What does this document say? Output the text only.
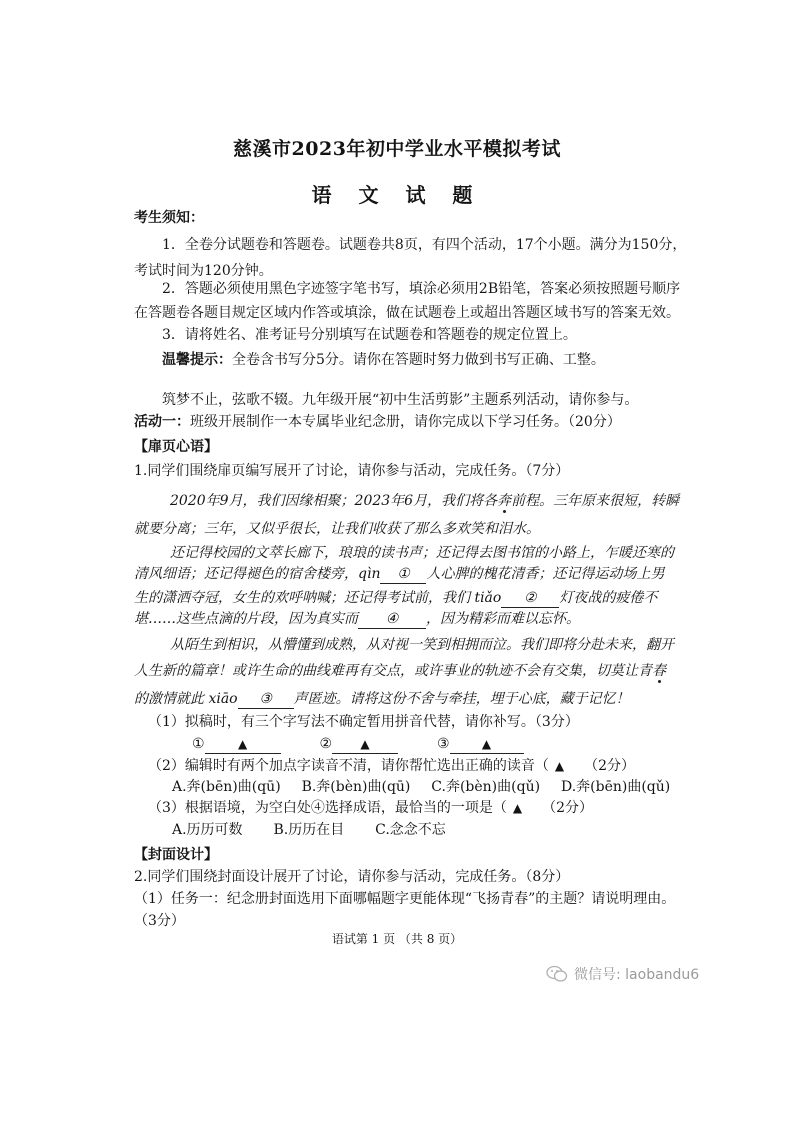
慈溪市2023年初中学业水平模拟考试
语 文 试 题
考生须知：
1．全卷分试题卷和答题卷。试题卷共8页，有四个活动，17个小题。满分为150分，
考试时间为120分钟。
2．答题必须使用黑色字迹签字笔书写，填涂必须用2B铅笔，答案必须按照题号顺序
在答题卷各题目规定区域内作答或填涂，做在试题卷上或超出答题区域书写的答案无效。
3．请将姓名、准考证号分别填写在试题卷和答题卷的规定位置上。
温馨提示：全卷含书写分5分。请你在答题时努力做到书写正确、工整。
筑梦不止，弦歌不辍。九年级开展“初中生活剪影”主题系列活动，请你参与。
活动一：班级开展制作一本专属毕业纪念册，请你完成以下学习任务。（20分）
【扉页心语】
1.同学们围绕扉页编写展开了讨论，请你参与活动，完成任务。（7分）
2020年9月，我们因缘相聚；2023年6月，我们将各奔前程。三年原来很短，转瞬
就要分离；三年，又似乎很长，让我们收获了那么多欢笑和泪水。
还记得校园的文萃长廊下，琅琅的读书声；还记得去图书馆的小路上，乍暖还寒的
清风细语；还记得褪色的宿舍楼旁，qìn ① 人心脾的槐花清香；还记得运动场上男
生的潇洒夺冠，女生的欢呼呐喊；还记得考试前，我们 tiǎo ② 灯夜战的疲倦不
堪……这些点滴的片段，因为真实而 ④ ，因为精彩而难以忘怀。
从陌生到相识，从懵懂到成熟，从对视一笑到相拥而泣。我们即将分赴未来，翻开
人生新的篇章！或许生命的曲线难再有交点，或许事业的轨迹不会有交集，切莫让青春
的激情就此 xiāo ③ 声匿迹。请将这份不舍与牵挂，埋于心底，藏于记忆！
（1）拟稿时，有三个字写法不确定暂用拼音代替，请你补写。（3分）
①	▲	② ▲	③	▲
（2）编辑时有两个加点字读音不清，请你帮忙选出正确的读音（ ▲ （2分）
A.奔(bēn)曲(qū) B.奔(bèn)曲(qū) C.奔(bèn)曲(qǔ) D.奔(bēn)曲(qǔ)
（3）根据语境，为空白处④选择成语，最恰当的一项是（ ▲ （2分）
A.历历可数 B.历历在目 C.念念不忘
【封面设计】
2.同学们围绕封面设计展开了讨论，请你参与活动，完成任务。（8分）
（1）任务一：纪念册封面选用下面哪幅题字更能体现“飞扬青春”的主题？请说明理由。
（3分）
语试第 1 页 （共 8 页）
微信号: laobandu6
